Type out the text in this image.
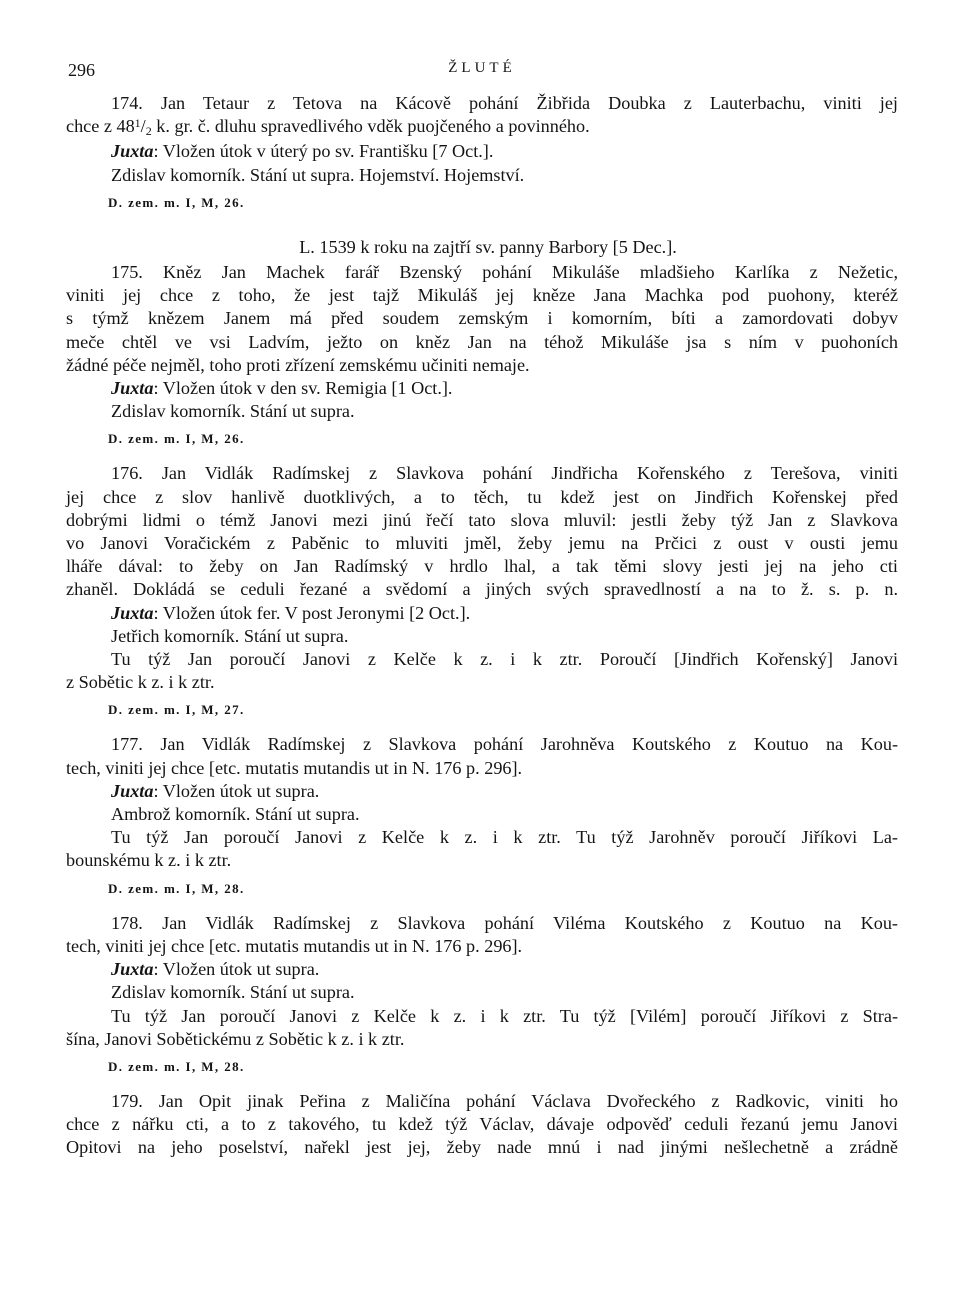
296	ŽLUTÉ
174. Jan Tetaur z Tetova na Kácově pohání Žibřida Doubka z Lauterbachu, viniti jej
chce z $48^1/2$ k. gr. č. dluhu spravedlivého vděk puojčeného a povinného.
Juxta: Vložen útok v úterý po sv. Františku [7 Oct.].
Zdislav komorník. Stání ut supra. Hojemství. Hojemství.
D. zem. m. I, M, 26.
L. 1539 k roku na zajtří sv. panny Barbory [5 Dec.].
175. Kněz Jan Machek farář Bzenský pohání Mikuláše mladšieho Karlíka z Nežetic,
viniti jej chce z toho, že jest tajž Mikuláš jej kněze Jana Machka pod puohony, kteréž
s týmž knězem Janem má před soudem zemským i komorním, bíti a zamordovati dobyv
meče chtěl ve vsi Ladvím, ježto on kněz Jan na téhož Mikuláše jsa s ním v puohoních
žádné péče nejměl, toho proti zřízení zemskému učiniti nemaje.
Juxta: Vložen útok v den sv. Remigia [1 Oct.].
Zdislav komorník. Stání ut supra.
D. zem. m. I, M, 26.
176. Jan Vidlák Radímskej z Slavkova pohání Jindřicha Kořenského z Terešova, viniti
jej chce z slov hanlivě duotklivých, a to těch, tu kdež jest on Jindřich Kořenskej před
dobrými lidmi o témž Janovi mezi jinú řečí tato slova mluvil: jestli žeby týž Jan z Slavkova
vo Janovi Voračickém z Paběnic to mluviti jměl, žeby jemu na Prčici z oust v ousti jemu
lháře dával: to žeby on Jan Radímský v hrdlo lhal, a tak těmi slovy jesti jej na jeho cti
zhaněl. Dokládá se ceduli řezané a svědomí a jiných svých spravedlností a na to ž. s. p. n.
Juxta: Vložen útok fer. V post Jeronymi [2 Oct.].
Jetřich komorník. Stání ut supra.
Tu týž Jan poroučí Janovi z Kelče k z. i k ztr. Poroučí [Jindřich Kořenský] Janovi
z Sobětic k z. i k ztr.
D. zem. m. I, M, 27.
177. Jan Vidlák Radímskej z Slavkova pohání Jarohněva Koutského z Koutuo na Kou-
tech, viniti jej chce [etc. mutatis mutandis ut in N. 176 p. 296].
Juxta: Vložen útok ut supra.
Ambrož komorník. Stání ut supra.
Tu týž Jan poroučí Janovi z Kelče k z. i k ztr. Tu týž Jarohněv poroučí Jiříkovi La-
bounskému k z. i k ztr.
D. zem. m. I, M, 28.
178. Jan Vidlák Radímskej z Slavkova pohání Viléma Koutského z Koutuo na Kou-
tech, viniti jej chce [etc. mutatis mutandis ut in N. 176 p. 296].
Juxta: Vložen útok ut supra.
Zdislav komorník. Stání ut supra.
Tu týž Jan poroučí Janovi z Kelče k z. i k ztr. Tu týž [Vilém] poroučí Jiříkovi z Stra-
šína, Janovi Sobětickému z Sobětic k z. i k ztr.
D. zem. m. I, M, 28.
179. Jan Opit jinak Peřina z Maličína pohání Václava Dvořeckého z Radkovic, viniti ho
chce z nářku cti, a to z takového, tu kdež týž Václav, dávaje odpověď ceduli řezanú jemu Janovi
Opitovi na jeho poselství, nařekl jest jej, žeby nade mnú i nad jinými nešlechetně a zrádně
